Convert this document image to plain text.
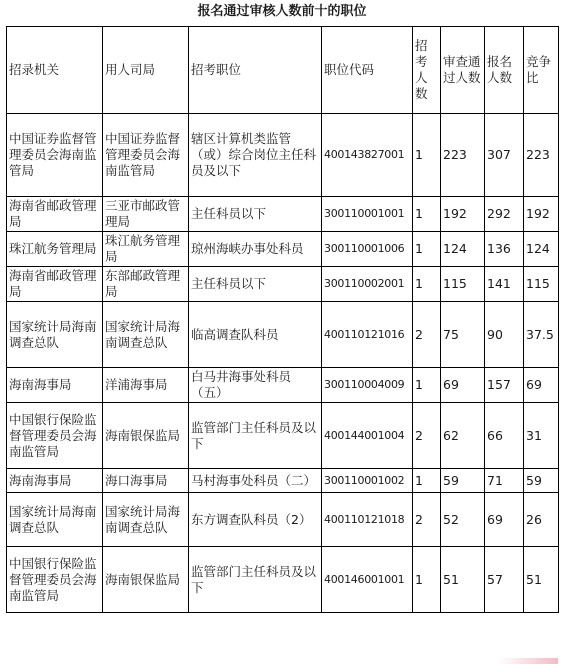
报名通过审核人数前十的职位
招录机关	用人司局	招考职位	职位代码	招考人数	审查通过人数	报名人数	竞争比
中国证券监督管理委员会海南监管局	中国证券监督管理委员会海南监管局	辖区计算机类监管（或）综合岗位主任科员及以下	400143827001	1	223	307	223
海南省邮政管理局	三亚市邮政管理局	主任科员以下	300110001001	1	192	292	192
珠江航务管理局	珠江航务管理局	琼州海峡办事处科员	300110001006	1	124	136	124
海南省邮政管理局	东部邮政管理局	主任科员以下	300110002001	1	115	141	115
国家统计局海南调查总队	国家统计局海南调查总队	临高调查队科员	400110121016	2	75	90	37.5
海南海事局	洋浦海事局	白马井海事处科员（五）	300110004009	1	69	157	69
中国银行保险监督管理委员会海南监管局	海南银保监局	监管部门主任科员及以下	400144001004	2	62	66	31
海南海事局	海口海事局	马村海事处科员（二）	300110001002	1	59	71	59
国家统计局海南调查总队	国家统计局海南调查总队	东方调查队科员（2）	400110121018	2	52	69	26
中国银行保险监督管理委员会海南监管局	海南银保监局	监管部门主任科员及以下	400146001001	1	51	57	51
